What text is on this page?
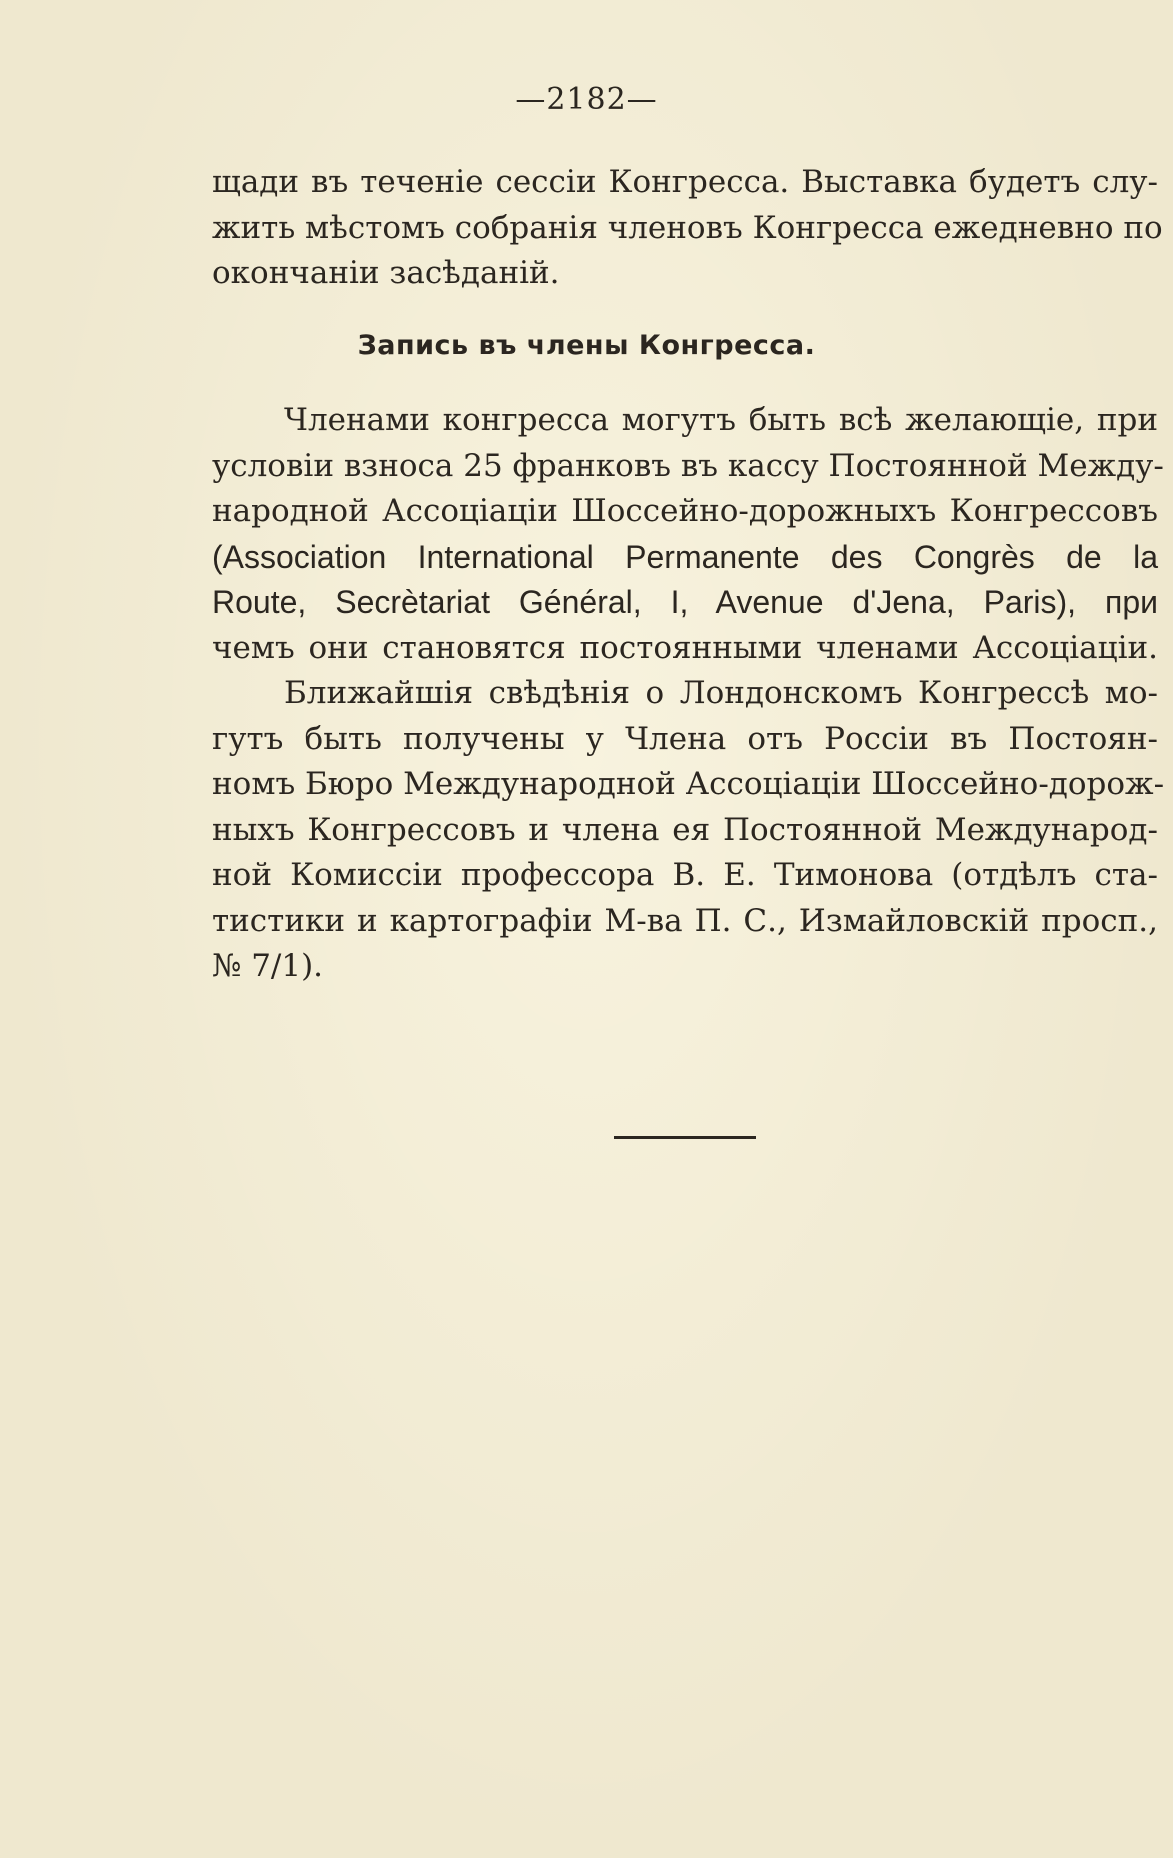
—2182—
щади въ теченіе сессіи Конгресса. Выставка будетъ слу-
жить мѣстомъ собранія членовъ Конгресса ежедневно по
окончаніи засѣданій.
Запись въ члены Конгресса.
Членами конгресса могутъ быть всѣ желающіе, при
условіи взноса 25 франковъ въ кассу Постоянной Между-
народной Ассоціаціи Шоссейно-дорожныхъ Конгрессовъ
(Association International Permanente des Congrès de la
Route, Secrètariat Général, I, Avenue d'Jena, Paris), при
чемъ они становятся постоянными членами Ассоціаціи.
Ближайшія свѣдѣнія о Лондонскомъ Конгрессѣ мо-
гутъ быть получены у Члена отъ Россіи въ Постоян-
номъ Бюро Международной Ассоціаціи Шоссейно-дорож-
ныхъ Конгрессовъ и члена ея Постоянной Международ-
ной Комиссіи профессора В. Е. Тимонова (отдѣлъ ста-
тистики и картографіи М-ва П. С., Измайловскій просп.,
№ 7/1).
